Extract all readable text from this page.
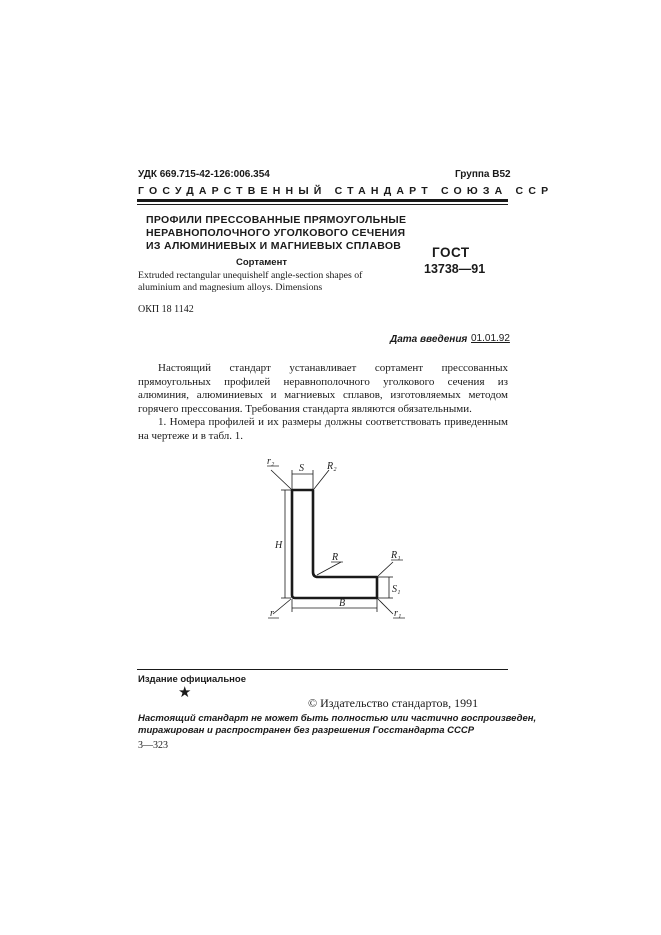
УДК 669.715-42-126:006.354	Группа В52
ГОСУДАРСТВЕННЫЙ СТАНДАРТ СОЮЗА ССР
ПРОФИЛИ ПРЕССОВАННЫЕ ПРЯМОУГОЛЬНЫЕ
НЕРАВНОПОЛОЧНОГО УГОЛКОВОГО СЕЧЕНИЯ
ИЗ АЛЮМИНИЕВЫХ И МАГНИЕВЫХ СПЛАВОВ
Сортамент
ГОСТ
13738—91
Extruded rectangular unequishelf angle-section shapes of
aluminium and magnesium alloys. Dimensions
ОКП 18 1142
Дата введения 01.01.92

Настоящий стандарт устанавливает сортамент прессованных прямоугольных профилей неравнополочного уголкового сечения из алюминия, алюминиевых и магниевых сплавов, изготовляемых методом горячего прессования. Требования стандарта являются обязательными.

1. Номера профилей и их размеры должны соответствовать приведенным на чертеже и в табл. 1.

r₂
S R₂
H
R	R₁
S₁
B
r	r₁
Издание официальное
★
© Издательство стандартов, 1991
Настоящий стандарт не может быть полностью или частично воспроизведен,
тиражирован и распространен без разрешения Госстандарта СССР
3—323
